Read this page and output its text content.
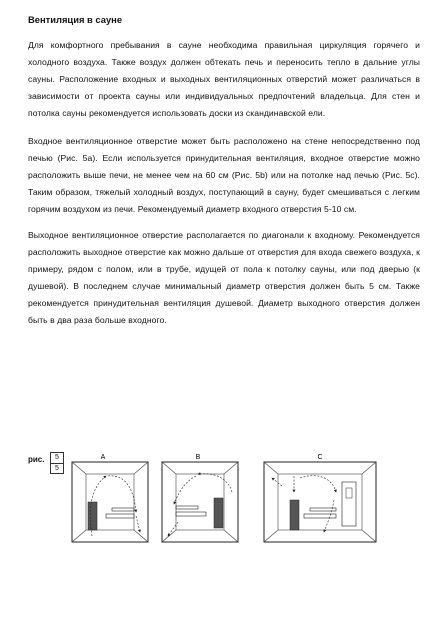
Вентиляция в сауне

Для комфортного пребывания в сауне необходима правильная циркуляция горячего и холодного воздуха. Также воздух должен обтекать печь и переносить тепло в дальние углы сауны. Расположение входных и выходных вентиляционных отверстий может различаться в зависимости от проекта сауны или индивидуальных предпочтений владельца. Для стен и потолка сауны рекомендуется использовать доски из скандинавской ели.

Входное вентиляционное отверстие может быть расположено на стене непосредственно под печью (Рис. 5a). Если используется принудительная вентиляция, входное отверстие можно расположить выше печи, не менее чем на 60 см (Рис. 5b) или на потолке над печью (Рис. 5c). Таким образом, тяжелый холодный воздух, поступающий в сауну, будет смешиваться с легким горячим воздухом из печи. Рекомендуемый диаметр входного отверстия 5-10 см.

Выходное вентиляционное отверстие располагается по диагонали к входному. Рекомендуется расположить выходное отверстие как можно дальше от отверстия для входа свежего воздуха, к примеру, рядом с полом, или в трубе, идущей от пола к потолку сауны, или под дверью (к душевой). В последнем случае минимальный диаметр отверстия должен быть 5 см. Также рекомендуется принудительная вентиляция душевой. Диаметр выходного отверстия должен быть в два раза больше входного.

рис. $\frac{5}{5}$	A	B	C
